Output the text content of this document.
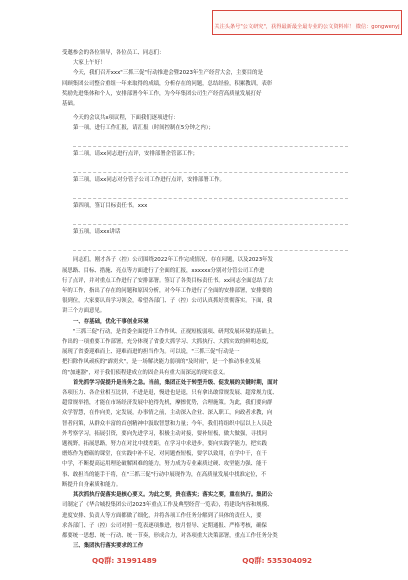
关注头条号"公文研究"，获得最新最全最专业的公文资料库！ 微信：gongwenyj
受邀参会的各位领导，各位员工、同志们：
大家上午好！
今天，我们召开xxx"三抓三促"行动推进会暨2023年生产经营大会，主要目的是
回顾集团公司整合重组一年来取得的成绩，分析存在的问题，总结经验，积累教训，表彰
奖励先进集体和个人，安排部署今年工作，为今年集团公司生产经营高质量发展打好
基础。
今天的会议共x项议程，下面我们逐项进行：
第一项，进行工作汇报，请汇报（时间控制在5分钟之内）；
第二项，请xx同志进行点评，安排部署企管部工作；
第三项，请xx同志对分管子公司工作进行点评，安排部署工作。
第四项，签订目标责任书。xxx
第五项，请xxx讲话
同志们，刚才各子（控）公司围绕2022年工作完成情况、存在问题，以及2023年发
展思路、目标、措施、亮点等方面进行了全面的汇报，xxxxxx分别对分管公司工作进
行了点评，并对重点工作进行了安排部署。签订了各类目标责任书。xx同志全面总结了去
年的工作，指出了存在的问题和原因分析，对今年工作进行了全面的安排部署，安排要的
很到位，大家要认真学习领会，希望各部门、子（控）公司认真抓好贯彻落实。下面，我
讲三个方面意见。
一、存基础，优化干事创业环境
"三抓三促"行动，是省委全面提升工作作风、正视短板弱项、研判发展环境的基础上，
作出的一项重要工作部署，充分体现了省委大抓学习、大抓执行、大抓实效的鲜明态度，
展现了省委迎难而上、迎难而进的担当作为。可以说，"三抓三促"行动是一
把扫除作风顽疾的"霹雳火"，是一场解决能力弱项的"及时雨"，是一个推动事业发展
的"加速器"，对于我们侦程建成立的固企具有重大而深远的现实意义。
首先抓学习促提升是当务之急。当前，集团正处于转型升级、促发展的关键时期，面对
各项压力、各企业相互比拼，不进是退，慢进也是退，只有拿出敢常规发展、超常规力度、
超常规举措，才能在市场经济发展中抢得先机，摩擦优势，合理施策。为此，我们要向群
众学智慧，在作向美，定发展，办事情之前，主动深入企业、深入职工，向政者求教，向
智者问策，从群众丰富的首创精神中汲取智慧和力量；今年，我们将组织中层以上人员赴
外考察学习，拓展引资，要向先进学习，积极主动对接，要补短板，做大做强，寻找问
题视野，拓展思路，努力在对比中找差距，在学习中求进步，要向实践学能力，把实践
磨炼作为磨砺的课堂，在实践中补不足、对问题查短板，要学以致用，在学中干，在干
中学，不断提高运用理论破解困难的能力，努力成为专业素质过硬、攻坚能力强、能干
事、敢担当的能手干将，在"三抓三促"行动中展现作为，在高质量发展中找准定位，不
断提升自身素质和能力。
其次抓执行促落实是核心要义。为此之要，贵在落实；落实之要，重在执行。集团公
司制定了《华合城投集团公司2023年重点工作及典型经营一览表》，将建设内容和规模、
进度安排、负责人等方面都做了细化，并将各项工作任务分解到了具体的责任人，要
求各部门、子（控）公司对照一览表逐项推进，按月督导、定期通报、严格考核，确保
都要统一思想、统一行动、统一节奏，形成合力，对各项重大决策部署，重点工作任务分类
三、集团执行落实要求的工作
QQ群: 31991489	QQ群: 535304092
